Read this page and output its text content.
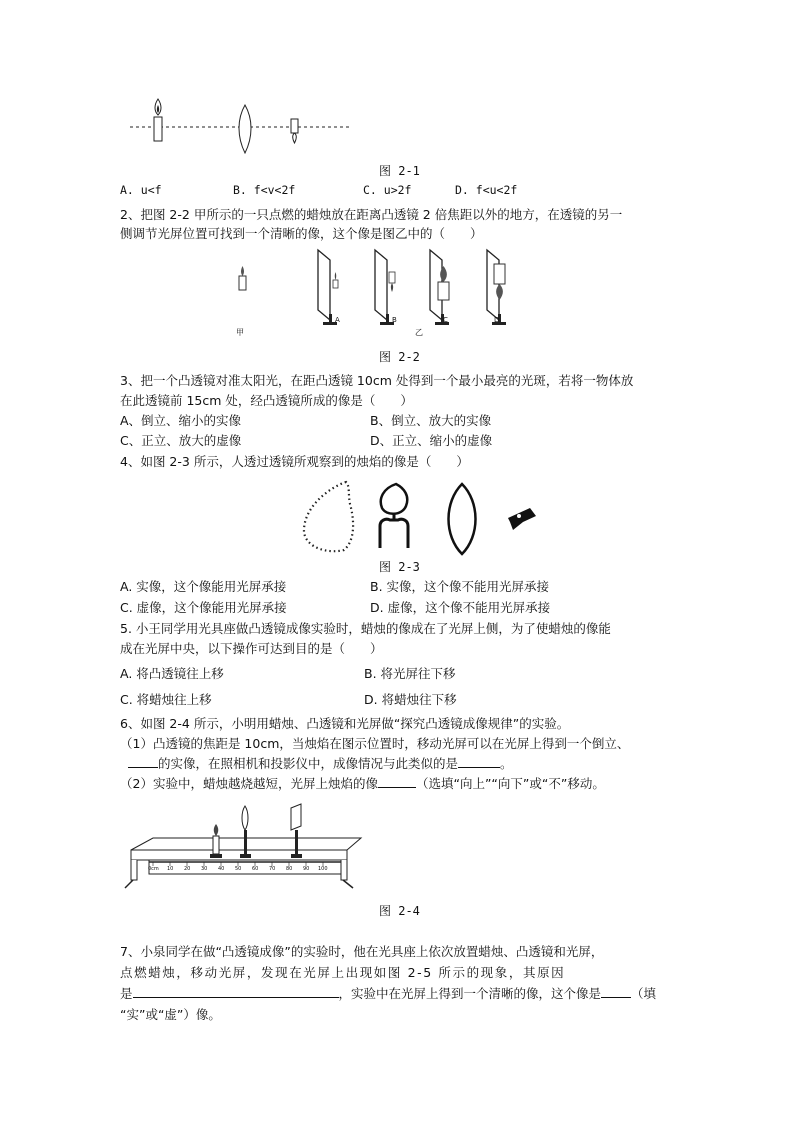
图 2-1
A. u<f	B. f<v<2f	C. u>2f	D. f<u<2f
2、把图 2-2 甲所示的一只点燃的蜡烛放在距离凸透镜 2 倍焦距以外的地方，在透镜的另一
侧调节光屏位置可找到一个清晰的像，这个像是图乙中的（　　）
甲
A	B	C	D
乙
图 2-2
3、把一个凸透镜对准太阳光，在距凸透镜 10cm 处得到一个最小最亮的光斑，若将一物体放
在此透镜前 15cm 处，经凸透镜所成的像是（　　）
A、倒立、缩小的实像	B、倒立、放大的实像
C、正立、放大的虚像	D、正立、缩小的虚像
4、如图 2-3 所示，人透过透镜所观察到的烛焰的像是（　　）
图 2-3
A. 实像，这个像能用光屏承接	B. 实像，这个像不能用光屏承接
C. 虚像，这个像能用光屏承接	D. 虚像，这个像不能用光屏承接
5. 小王同学用光具座做凸透镜成像实验时，蜡烛的像成在了光屏上侧，为了使蜡烛的像能
成在光屏中央，以下操作可达到目的是（　　）
A. 将凸透镜往上移	B. 将光屏往下移
C. 将蜡烛往上移	D. 将蜡烛往下移
6、如图 2-4 所示，小明用蜡烛、凸透镜和光屏做“探究凸透镜成像规律”的实验。
（1）凸透镜的焦距是 10cm，当烛焰在图示位置时，移动光屏可以在光屏上得到一个倒立、
的实像，在照相机和投影仪中，成像情况与此类似的是	。
（2）实验中，蜡烛越烧越短，光屏上烛焰的像	（选填“向上”“向下”或“不”移动。
0cm 10 20 30 40 50 60 70 80 90 100
图 2-4
7、小泉同学在做“凸透镜成像”的实验时，他在光具座上依次放置蜡烛、凸透镜和光屏，
点燃蜡烛，移动光屏，发现在光屏上出现如图 2-5 所示的现象，其原因
是	，实验中在光屏上得到一个清晰的像，这个像是 （填
“实”或“虚”）像。
